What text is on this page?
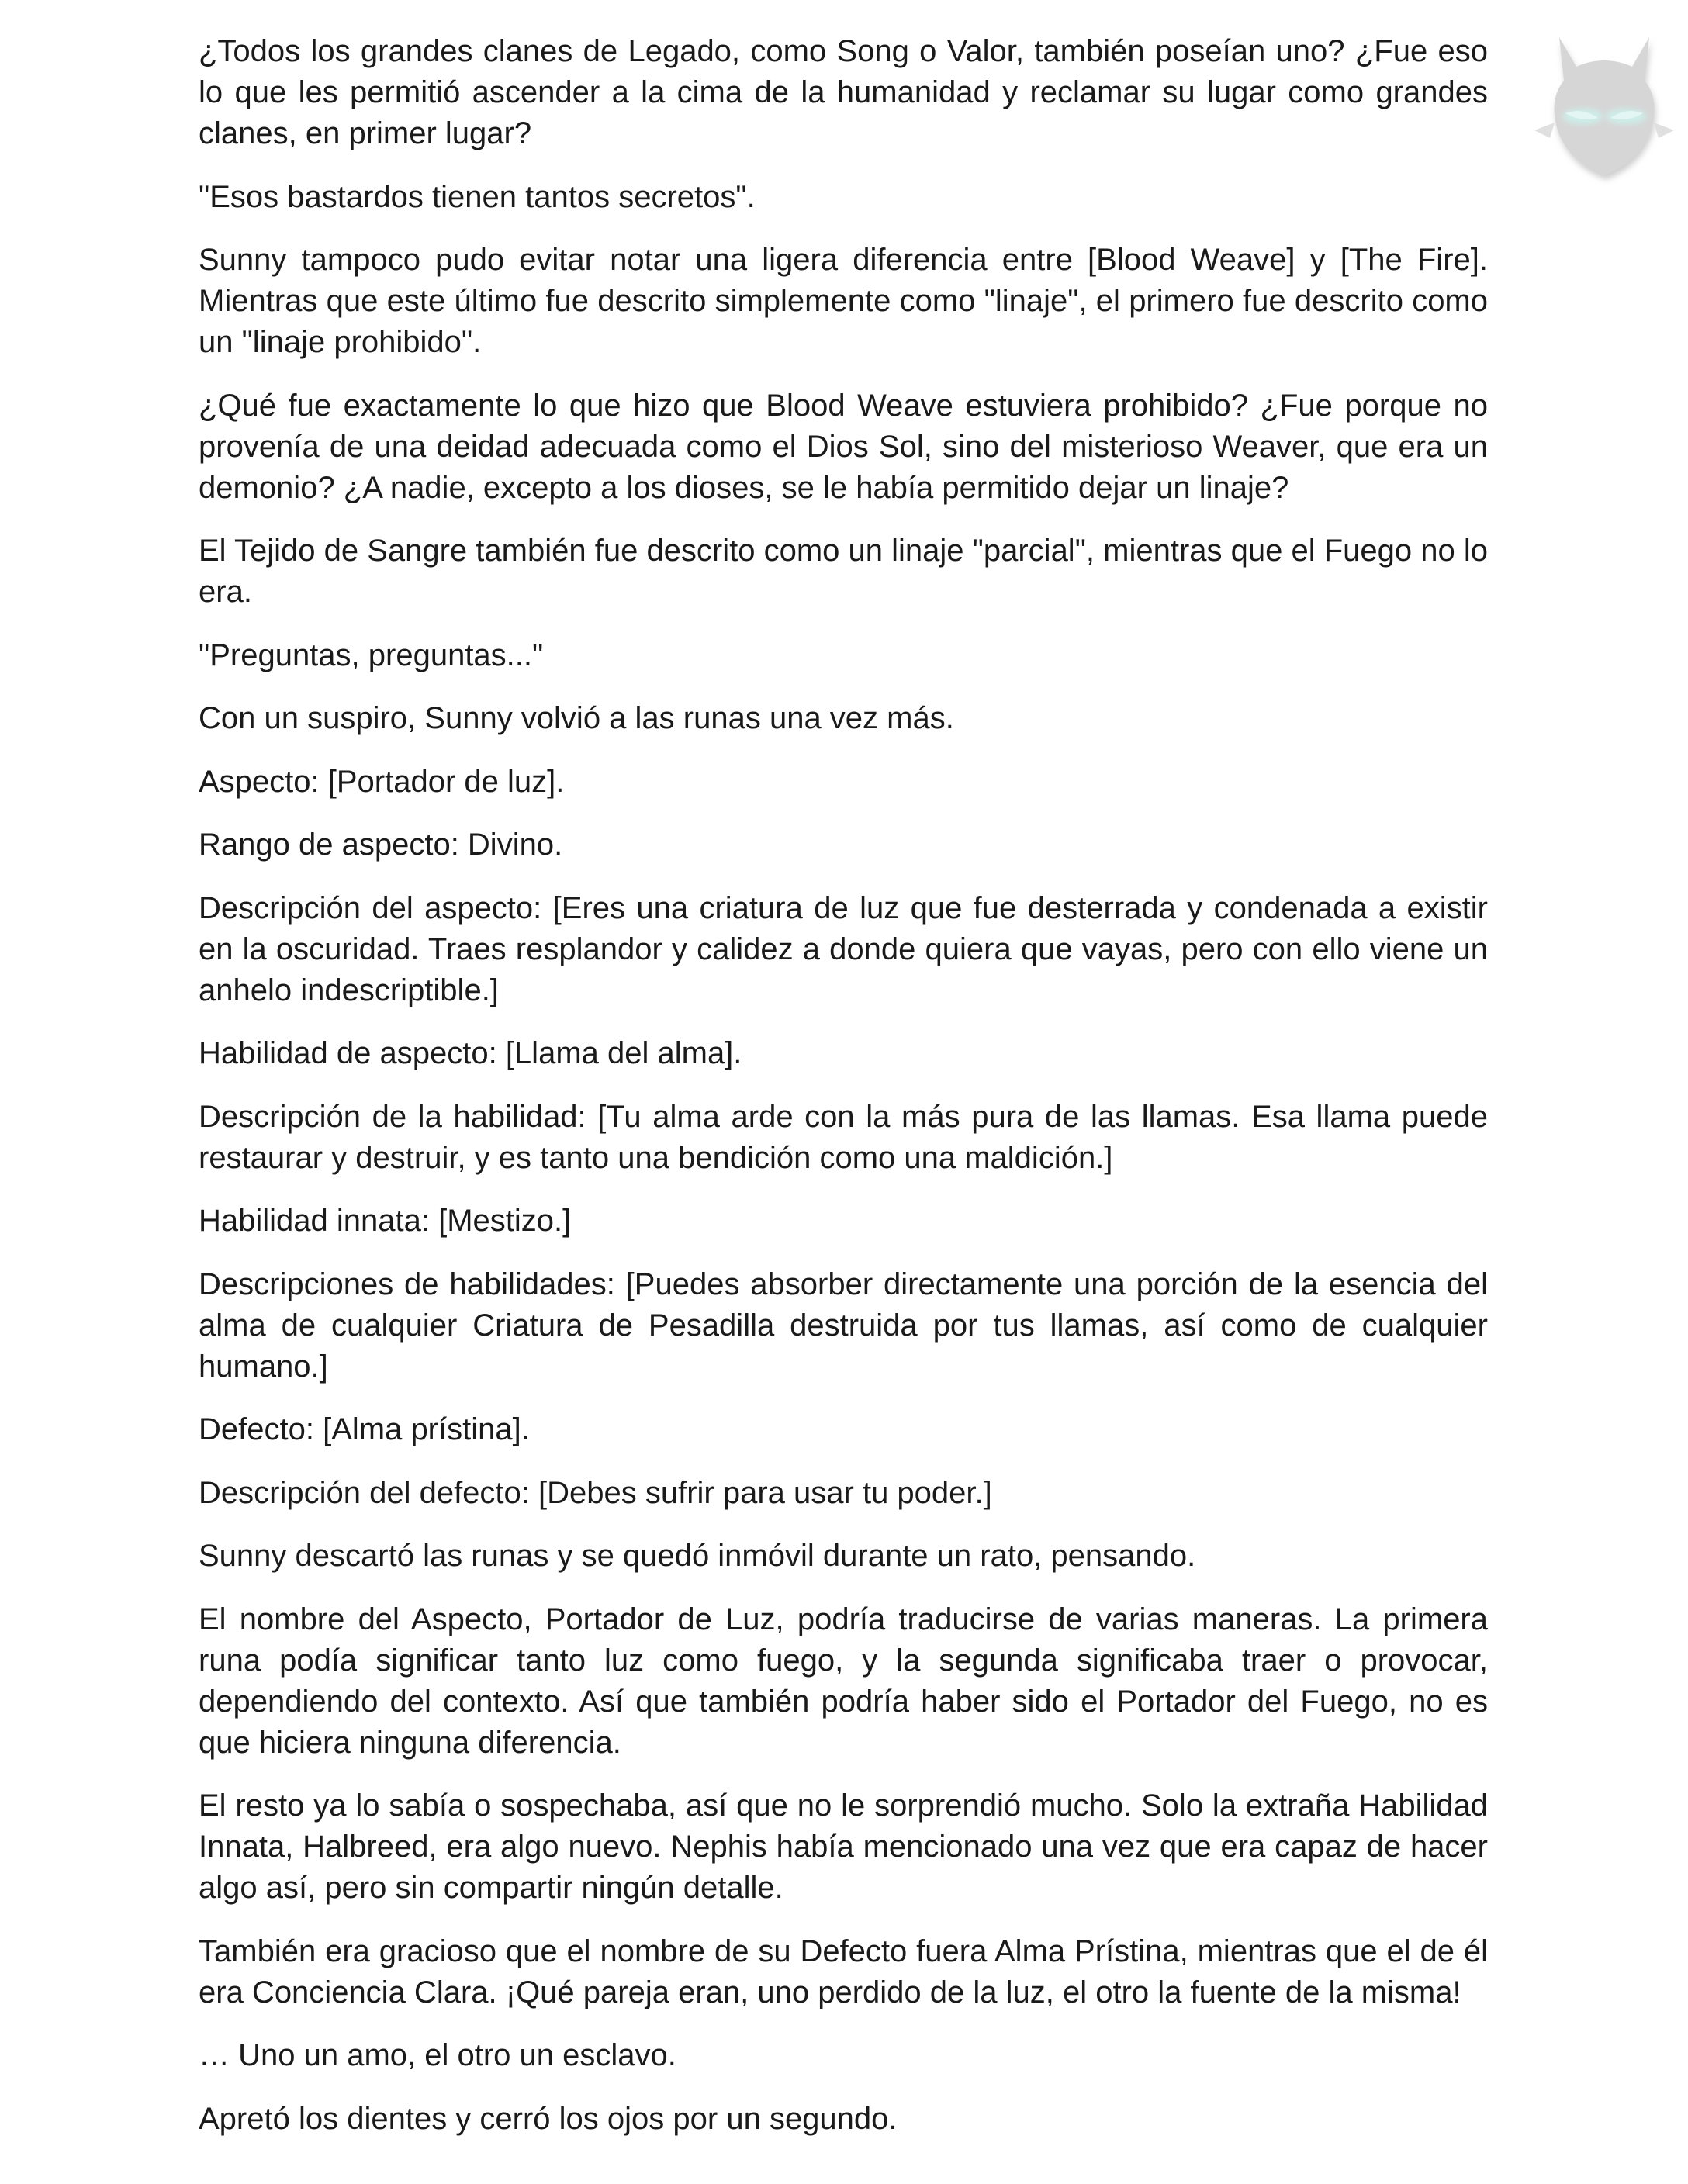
¿Todos los grandes clanes de Legado, como Song o Valor, también poseían uno? ¿Fue eso lo que les permitió ascender a la cima de la humanidad y reclamar su lugar como grandes clanes, en primer lugar?

"Esos bastardos tienen tantos secretos".

Sunny tampoco pudo evitar notar una ligera diferencia entre [Blood Weave] y [The Fire]. Mientras que este último fue descrito simplemente como "linaje", el primero fue descrito como un "linaje prohibido".

¿Qué fue exactamente lo que hizo que Blood Weave estuviera prohibido? ¿Fue porque no provenía de una deidad adecuada como el Dios Sol, sino del misterioso Weaver, que era un demonio? ¿A nadie, excepto a los dioses, se le había permitido dejar un linaje?

El Tejido de Sangre también fue descrito como un linaje "parcial", mientras que el Fuego no lo era.

"Preguntas, preguntas..."

Con un suspiro, Sunny volvió a las runas una vez más.

Aspecto: [Portador de luz].

Rango de aspecto: Divino.

Descripción del aspecto: [Eres una criatura de luz que fue desterrada y condenada a existir en la oscuridad. Traes resplandor y calidez a donde quiera que vayas, pero con ello viene un anhelo indescriptible.]

Habilidad de aspecto: [Llama del alma].

Descripción de la habilidad: [Tu alma arde con la más pura de las llamas. Esa llama puede restaurar y destruir, y es tanto una bendición como una maldición.]

Habilidad innata: [Mestizo.]

Descripciones de habilidades: [Puedes absorber directamente una porción de la esencia del alma de cualquier Criatura de Pesadilla destruida por tus llamas, así como de cualquier humano.]

Defecto: [Alma prístina].

Descripción del defecto: [Debes sufrir para usar tu poder.]

Sunny descartó las runas y se quedó inmóvil durante un rato, pensando.

El nombre del Aspecto, Portador de Luz, podría traducirse de varias maneras. La primera runa podía significar tanto luz como fuego, y la segunda significaba traer o provocar, dependiendo del contexto. Así que también podría haber sido el Portador del Fuego, no es que hiciera ninguna diferencia.

El resto ya lo sabía o sospechaba, así que no le sorprendió mucho. Solo la extraña Habilidad Innata, Halbreed, era algo nuevo. Nephis había mencionado una vez que era capaz de hacer algo así, pero sin compartir ningún detalle.

También era gracioso que el nombre de su Defecto fuera Alma Prístina, mientras que el de él era Conciencia Clara. ¡Qué pareja eran, uno perdido de la luz, el otro la fuente de la misma!

… Uno un amo, el otro un esclavo.

Apretó los dientes y cerró los ojos por un segundo.
